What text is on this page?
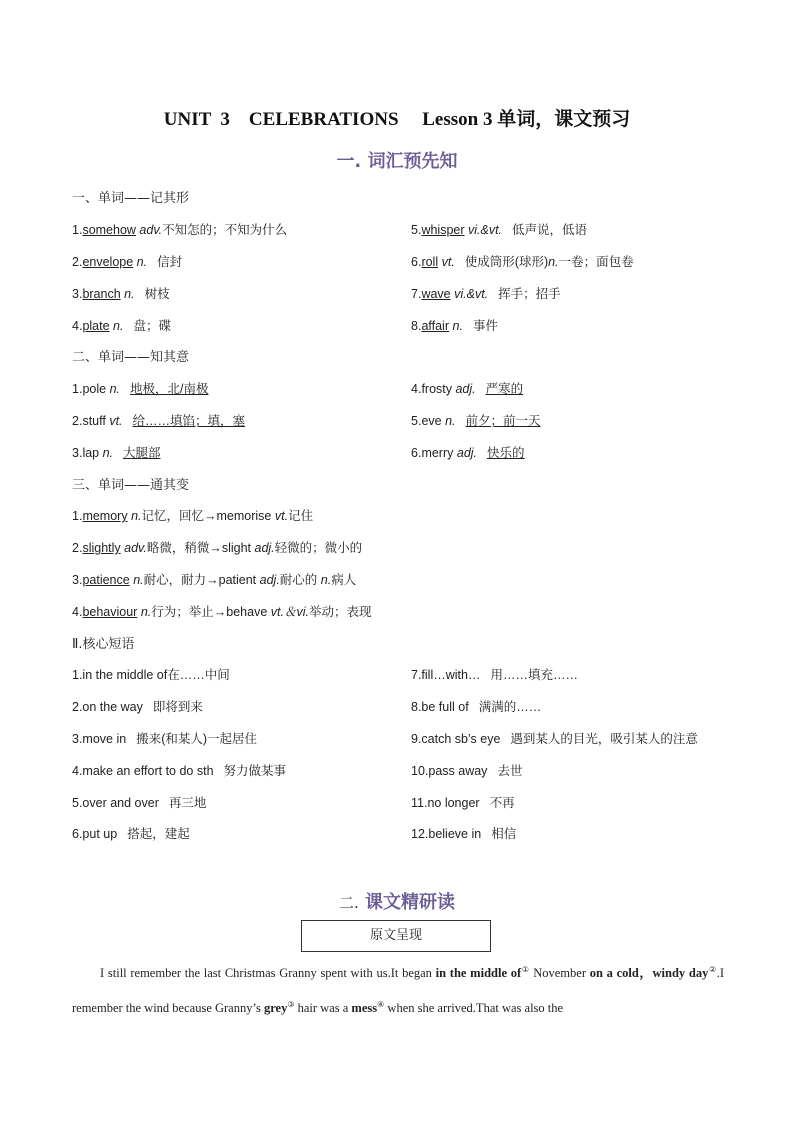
UNIT  3    CELEBRATIONS     Lesson 3 单词，课文预习
一. 词汇预先知
一、单词——记其形
1.somehow adv.不知怎的；不知为什么
2.envelope n. 信封
3.branch n. 树枝
4.plate n. 盘；碟
5.whisper vi.&vt. 低声说，低语
6.roll vt. 使成筒形(球形)n.一卷；面包卷
7.wave vi.&vt. 挥手；招手
8.affair n. 事件
二、单词——知其意
1.pole n. 地极，北/南极
2.stuff vt. 给……填馅；填，塞
3.lap n. 大腿部
4.frosty adj. 严寒的
5.eve n. 前夕；前一天
6.merry adj. 快乐的
三、单词——通其变
1.memory n.记忆，回忆→memorise vt.记住
2.slightly adv.略微，稍微→slight adj.轻微的；微小的
3.patience n.耐心，耐力→patient adj.耐心的 n.病人
4.behaviour n.行为；举止→behave vt.＆vi.举动；表现
Ⅱ.核心短语
1.in the middle of在……中间
2.on the way 即将到来
3.move in 搬来(和某人)一起居住
4.make an effort to do sth 努力做某事
5.over and over 再三地
6.put up 搭起，建起
7.fill…with… 用……填充……
8.be full of 满满的……
9.catch sb’s eye 遇到某人的目光，吸引某人的注意
10.pass away 去世
11.no longer 不再
12.believe in 相信
二. 课文精研读
原文呈现
I still remember the last Christmas Granny spent with us.It began in the middle of① November on a cold，windy day②.I remember the wind because Granny’s grey③ hair was a mess④ when she arrived.That was also the
